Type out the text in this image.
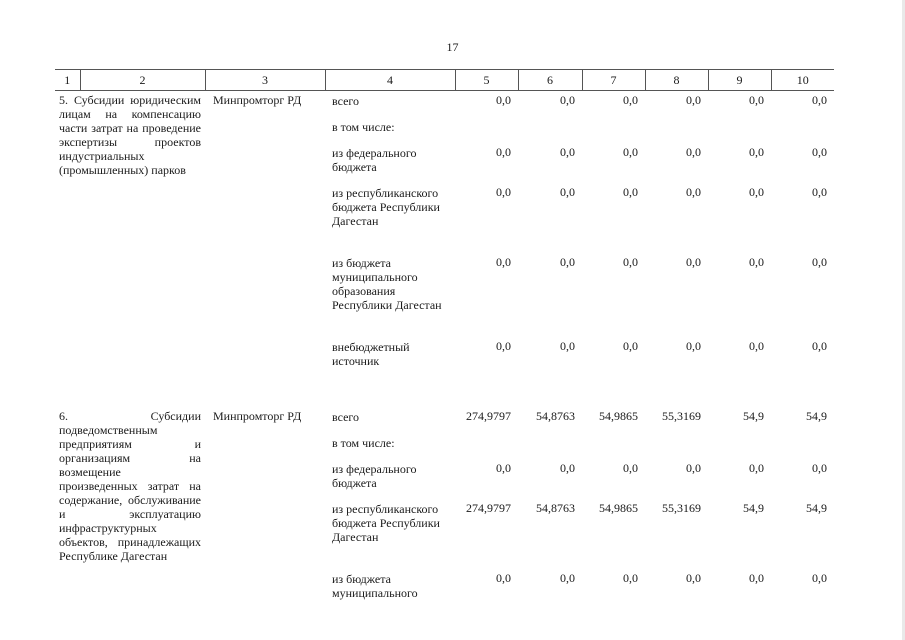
17
1	2	3	4	5	6	7	8	9	10
5. Субсидии юридическим лицам на компенсацию части затрат на проведение экспертизы проектов индустриальных (промышленных) парков		Минпромторг РД	всего	0,0	0,0	0,0	0,0	0,0	0,0
			в том числе:						
			из федерального бюджета	0,0	0,0	0,0	0,0	0,0	0,0
			из республиканского бюджета Республики Дагестан	0,0	0,0	0,0	0,0	0,0	0,0
			из бюджета муниципального образования Республики Дагестан	0,0	0,0	0,0	0,0	0,0	0,0
			внебюджетный источник	0,0	0,0	0,0	0,0	0,0	0,0

6. Субсидии подведомственным предприятиям и организациям на возмещение произведенных затрат на содержание, обслуживание и эксплуатацию инфраструктурных объектов, принадлежащих Республике Дагестан		Минпромторг РД	всего	274,9797	54,8763	54,9865	55,3169	54,9	54,9
			в том числе:						
			из федерального бюджета	0,0	0,0	0,0	0,0	0,0	0,0
			из республиканского бюджета Республики Дагестан	274,9797	54,8763	54,9865	55,3169	54,9	54,9
			из бюджета муниципального	0,0	0,0	0,0	0,0	0,0	0,0
